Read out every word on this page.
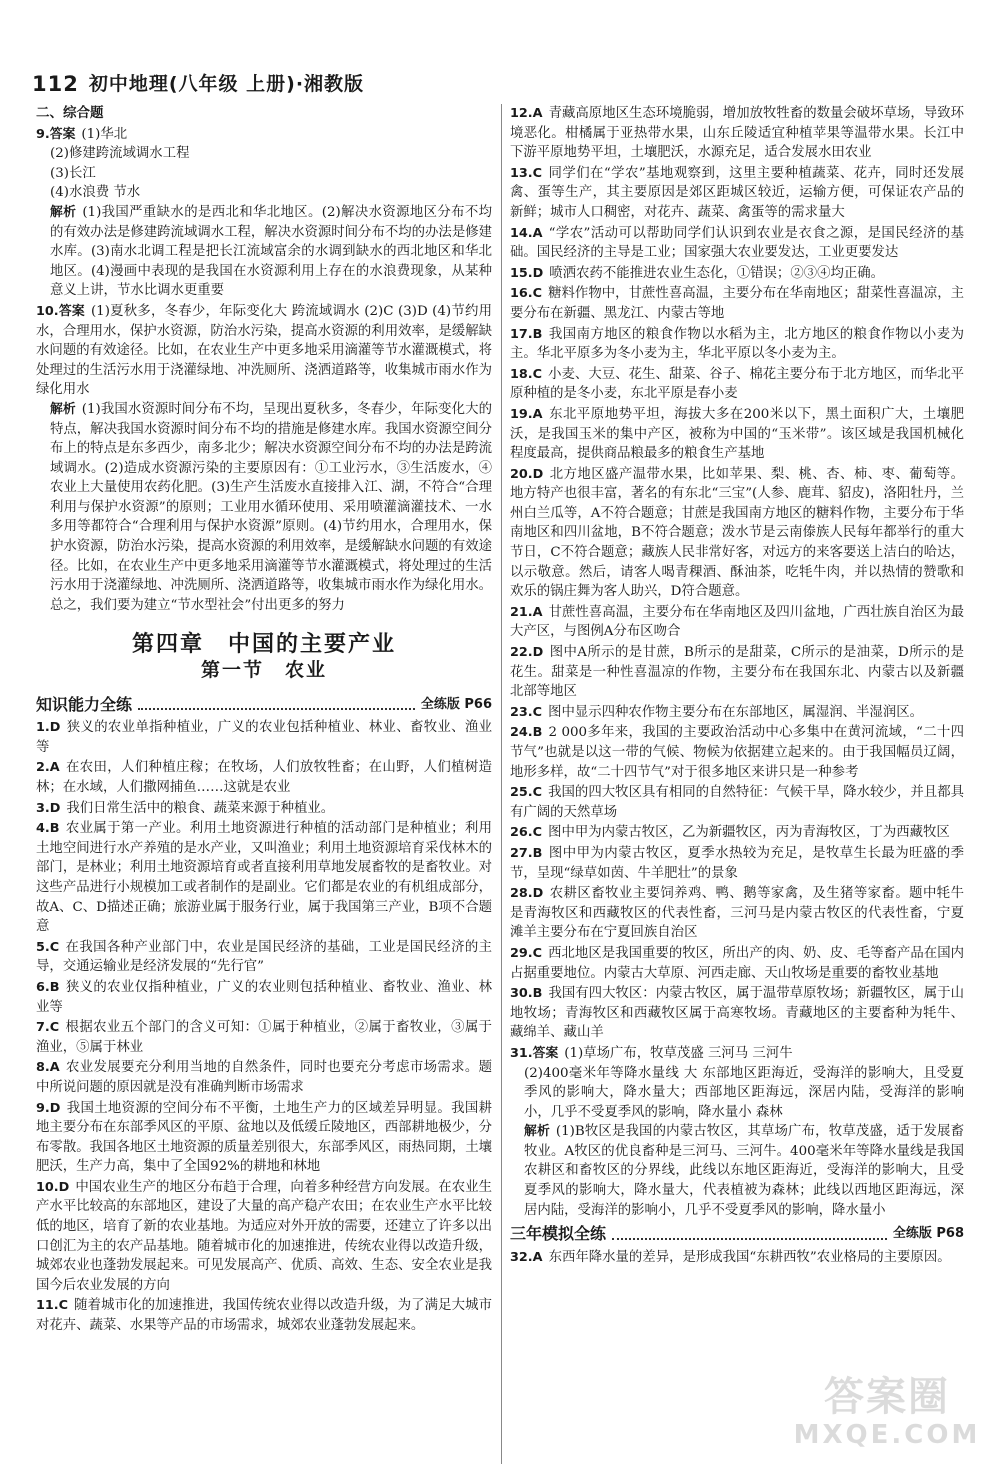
112 初中地理(八年级 上册)·湘教版
二、综合题
9.答案 (1)华北
(2)修建跨流域调水工程
(3)长江
(4)水浪费 节水
解析 (1)我国严重缺水的是西北和华北地区。(2)解决水资源地区分布不均的有效办法是修建跨流域调水工程，解决水资源时间分布不均的办法是修建水库。(3)南水北调工程是把长江流域富余的水调到缺水的西北地区和华北地区。(4)漫画中表现的是我国在水资源利用上存在的水浪费现象，从某种意义上讲，节水比调水更重要
10.答案 (1)夏秋多，冬春少，年际变化大 跨流域调水 (2)C (3)D (4)节约用水，合理用水，保护水资源，防治水污染，提高水资源的利用效率，是缓解缺水问题的有效途径。比如，在农业生产中更多地采用滴灌等节水灌溉模式，将处理过的生活污水用于浇灌绿地、冲洗厕所、浇洒道路等，收集城市雨水作为绿化用水
解析 (1)我国水资源时间分布不均，呈现出夏秋多，冬春少，年际变化大的特点，解决我国水资源时间分布不均的措施是修建水库。我国水资源空间分布上的特点是东多西少，南多北少；解决水资源空间分布不均的办法是跨流域调水。(2)造成水资源污染的主要原因有：①工业污水，③生活废水，④农业上大量使用农药化肥。(3)生产生活废水直接排入江、湖，不符合“合理利用与保护水资源”的原则；工业用水循环使用、采用喷灌滴灌技术、一水多用等都符合“合理利用与保护水资源”原则。(4)节约用水，合理用水，保护水资源，防治水污染，提高水资源的利用效率，是缓解缺水问题的有效途径。比如，在农业生产中更多地采用滴灌等节水灌溉模式，将处理过的生活污水用于浇灌绿地、冲洗厕所、浇洒道路等，收集城市雨水作为绿化用水。总之，我们要为建立“节水型社会”付出更多的努力
第四章　中国的主要产业
第一节　农业
知识能力全练	全练版 P66
1.D 狭义的农业单指种植业，广义的农业包括种植业、林业、畜牧业、渔业等
2.A 在农田，人们种植庄稼；在牧场，人们放牧牲畜；在山野，人们植树造林；在水域，人们撒网捕鱼……这就是农业
3.D 我们日常生活中的粮食、蔬菜来源于种植业。
4.B 农业属于第一产业。利用土地资源进行种植的活动部门是种植业；利用土地空间进行水产养殖的是水产业，又叫渔业；利用土地资源培育采伐林木的部门，是林业；利用土地资源培育或者直接利用草地发展畜牧的是畜牧业。对这些产品进行小规模加工或者制作的是副业。它们都是农业的有机组成部分，故A、C、D描述正确；旅游业属于服务行业，属于我国第三产业，B项不合题意
5.C 在我国各种产业部门中，农业是国民经济的基础，工业是国民经济的主导，交通运输业是经济发展的“先行官”
6.B 狭义的农业仅指种植业，广义的农业则包括种植业、畜牧业、渔业、林业等
7.C 根据农业五个部门的含义可知：①属于种植业，②属于畜牧业，③属于渔业，⑤属于林业
8.A 农业发展要充分利用当地的自然条件，同时也要充分考虑市场需求。题中所说问题的原因就是没有准确判断市场需求
9.D 我国土地资源的空间分布不平衡，土地生产力的区域差异明显。我国耕地主要分布在东部季风区的平原、盆地以及低缓丘陵地区，西部耕地极少，分布零散。我国各地区土地资源的质量差别很大，东部季风区，雨热同期，土壤肥沃，生产力高，集中了全国92%的耕地和林地
10.D 中国农业生产的地区分布趋于合理，向着多种经营方向发展。在农业生产水平比较高的东部地区，建设了大量的高产稳产农田；在农业生产水平比较低的地区，培育了新的农业基地。为适应对外开放的需要，还建立了许多以出口创汇为主的农产品基地。随着城市化的加速推进，传统农业得以改造升级，城郊农业也蓬勃发展起来。可见发展高产、优质、高效、生态、安全农业是我国今后农业发展的方向
11.C 随着城市化的加速推进，我国传统农业得以改造升级，为了满足大城市对花卉、蔬菜、水果等产品的市场需求，城郊农业蓬勃发展起来。
12.A 青藏高原地区生态环境脆弱，增加放牧牲畜的数量会破坏草场，导致环境恶化。柑橘属于亚热带水果，山东丘陵适宜种植苹果等温带水果。长江中下游平原地势平坦，土壤肥沃，水源充足，适合发展水田农业
13.C 同学们在“学农”基地观察到，这里主要种植蔬菜、花卉，同时还发展禽、蛋等生产，其主要原因是郊区距城区较近，运输方便，可保证农产品的新鲜；城市人口稠密，对花卉、蔬菜、禽蛋等的需求量大
14.A “学农”活动可以帮助同学们认识到农业是衣食之源，是国民经济的基础。国民经济的主导是工业；国家强大农业要发达，工业更要发达
15.D 喷洒农药不能推进农业生态化，①错误；②③④均正确。
16.C 糖料作物中，甘蔗性喜高温，主要分布在华南地区；甜菜性喜温凉，主要分布在新疆、黑龙江、内蒙古等地
17.B 我国南方地区的粮食作物以水稻为主，北方地区的粮食作物以小麦为主。华北平原多为冬小麦为主，华北平原以冬小麦为主。
18.C 小麦、大豆、花生、甜菜、谷子、棉花主要分布于北方地区，而华北平原种植的是冬小麦，东北平原是春小麦
19.A 东北平原地势平坦，海拔大多在200米以下，黑土面积广大，土壤肥沃，是我国玉米的集中产区，被称为中国的“玉米带”。该区域是我国机械化程度最高，提供商品粮最多的粮食生产基地
20.D 北方地区盛产温带水果，比如苹果、梨、桃、杏、柿、枣、葡萄等。地方特产也很丰富，著名的有东北“三宝”(人参、鹿茸、貂皮)，洛阳牡丹，兰州白兰瓜等，A不符合题意；甘蔗是我国南方地区的糖料作物，主要分布于华南地区和四川盆地，B不符合题意；泼水节是云南傣族人民每年都举行的重大节日，C不符合题意；藏族人民非常好客，对远方的来客要送上洁白的哈达，以示敬意。然后，请客人喝青稞酒、酥油茶，吃牦牛肉，并以热情的赞歌和欢乐的锅庄舞为客人助兴，D符合题意。
21.A 甘蔗性喜高温，主要分布在华南地区及四川盆地，广西壮族自治区为最大产区，与图例A分布区吻合
22.D 图中A所示的是甘蔗，B所示的是甜菜，C所示的是油菜，D所示的是花生。甜菜是一种性喜温凉的作物，主要分布在我国东北、内蒙古以及新疆北部等地区
23.C 图中显示四种农作物主要分布在东部地区，属湿润、半湿润区。
24.B 2 000多年来，我国的主要政治活动中心多集中在黄河流域，“二十四节气”也就是以这一带的气候、物候为依据建立起来的。由于我国幅员辽阔，地形多样，故“二十四节气”对于很多地区来讲只是一种参考
25.C 我国的四大牧区具有相同的自然特征：气候干旱，降水较少，并且都具有广阔的天然草场
26.C 图中甲为内蒙古牧区，乙为新疆牧区，丙为青海牧区，丁为西藏牧区
27.B 图中甲为内蒙古牧区，夏季水热较为充足，是牧草生长最为旺盛的季节，呈现“绿草如茵、牛羊肥壮”的景象
28.D 农耕区畜牧业主要饲养鸡、鸭、鹅等家禽，及生猪等家畜。题中牦牛是青海牧区和西藏牧区的代表性畜，三河马是内蒙古牧区的代表性畜，宁夏滩羊主要分布在宁夏回族自治区
29.C 西北地区是我国重要的牧区，所出产的肉、奶、皮、毛等畜产品在国内占据重要地位。内蒙古大草原、河西走廊、天山牧场是重要的畜牧业基地
30.B 我国有四大牧区：内蒙古牧区，属于温带草原牧场；新疆牧区，属于山地牧场；青海牧区和西藏牧区属于高寒牧场。青藏地区的主要畜种为牦牛、藏绵羊、藏山羊
31.答案 (1)草场广布，牧草茂盛 三河马 三河牛
(2)400毫米年等降水量线 大 东部地区距海近，受海洋的影响大，且受夏季风的影响大，降水量大；西部地区距海远，深居内陆，受海洋的影响小，几乎不受夏季风的影响，降水量小 森林
解析 (1)B牧区是我国的内蒙古牧区，其草场广布，牧草茂盛，适于发展畜牧业。A牧区的优良畜种是三河马、三河牛。400毫米年等降水量线是我国农耕区和畜牧区的分界线，此线以东地区距海近，受海洋的影响大，且受夏季风的影响大，降水量大，代表植被为森林；此线以西地区距海远，深居内陆，受海洋的影响小，几乎不受夏季风的影响，降水量小
三年模拟全练	全练版 P68
32.A 东西年降水量的差异，是形成我国“东耕西牧”农业格局的主要原因。
答案圈
MXQE.COM
